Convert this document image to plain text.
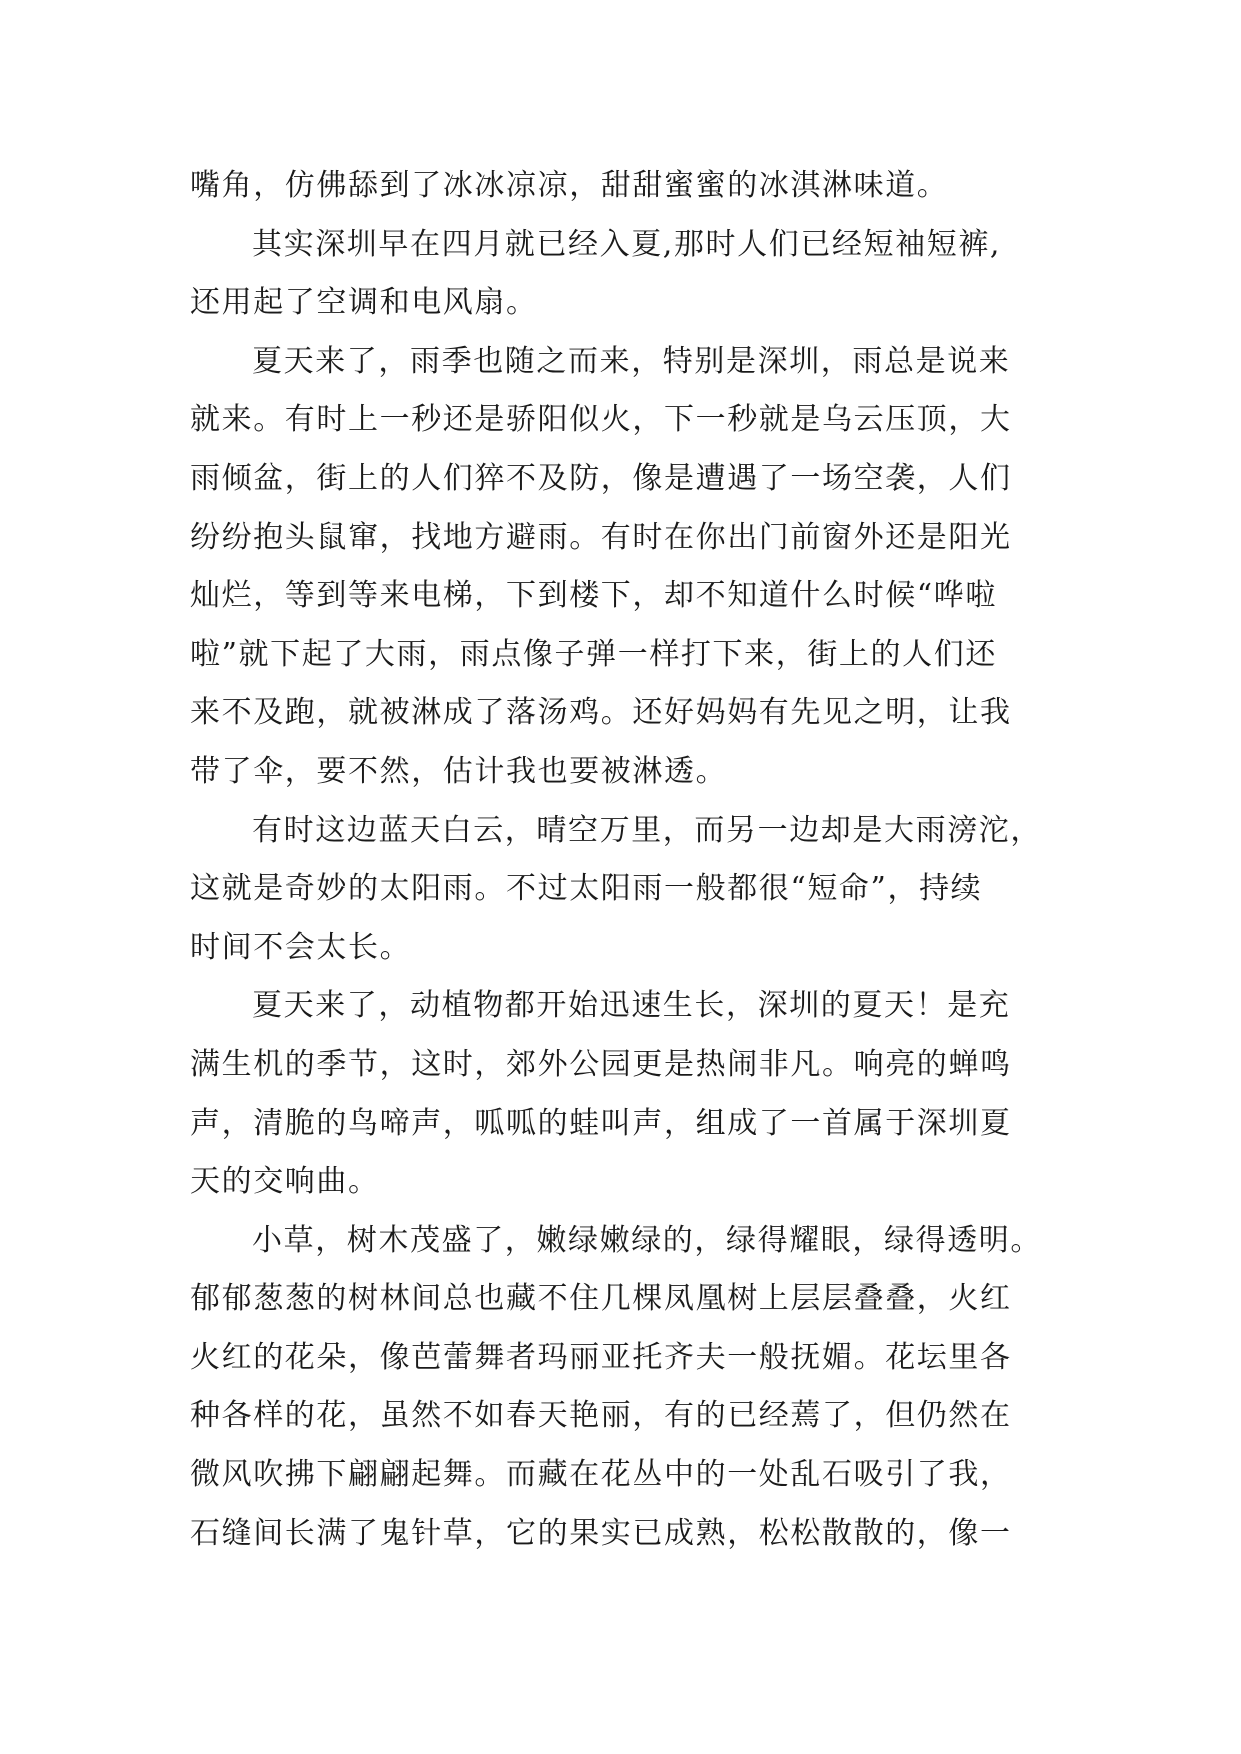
嘴角，仿佛舔到了冰冰凉凉，甜甜蜜蜜的冰淇淋味道。
其实深圳早在四月就已经入夏,那时人们已经短袖短裤,
还用起了空调和电风扇。
夏天来了，雨季也随之而来，特别是深圳，雨总是说来
就来。有时上一秒还是骄阳似火，下一秒就是乌云压顶，大
雨倾盆，街上的人们猝不及防，像是遭遇了一场空袭，人们
纷纷抱头鼠窜，找地方避雨。有时在你出门前窗外还是阳光
灿烂，等到等来电梯，下到楼下，却不知道什么时候“哗啦
啦”就下起了大雨，雨点像子弹一样打下来，街上的人们还
来不及跑，就被淋成了落汤鸡。还好妈妈有先见之明，让我
带了伞，要不然，估计我也要被淋透。
有时这边蓝天白云，晴空万里，而另一边却是大雨滂沱，
这就是奇妙的太阳雨。不过太阳雨一般都很“短命”，持续
时间不会太长。
夏天来了，动植物都开始迅速生长，深圳的夏天！是充
满生机的季节，这时，郊外公园更是热闹非凡。响亮的蝉鸣
声，清脆的鸟啼声，呱呱的蛙叫声，组成了一首属于深圳夏
天的交响曲。
小草，树木茂盛了，嫩绿嫩绿的，绿得耀眼，绿得透明。
郁郁葱葱的树林间总也藏不住几棵凤凰树上层层叠叠，火红
火红的花朵，像芭蕾舞者玛丽亚托齐夫一般抚媚。花坛里各
种各样的花，虽然不如春天艳丽，有的已经蔫了，但仍然在
微风吹拂下翩翩起舞。而藏在花丛中的一处乱石吸引了我，
石缝间长满了鬼针草，它的果实已成熟，松松散散的，像一
